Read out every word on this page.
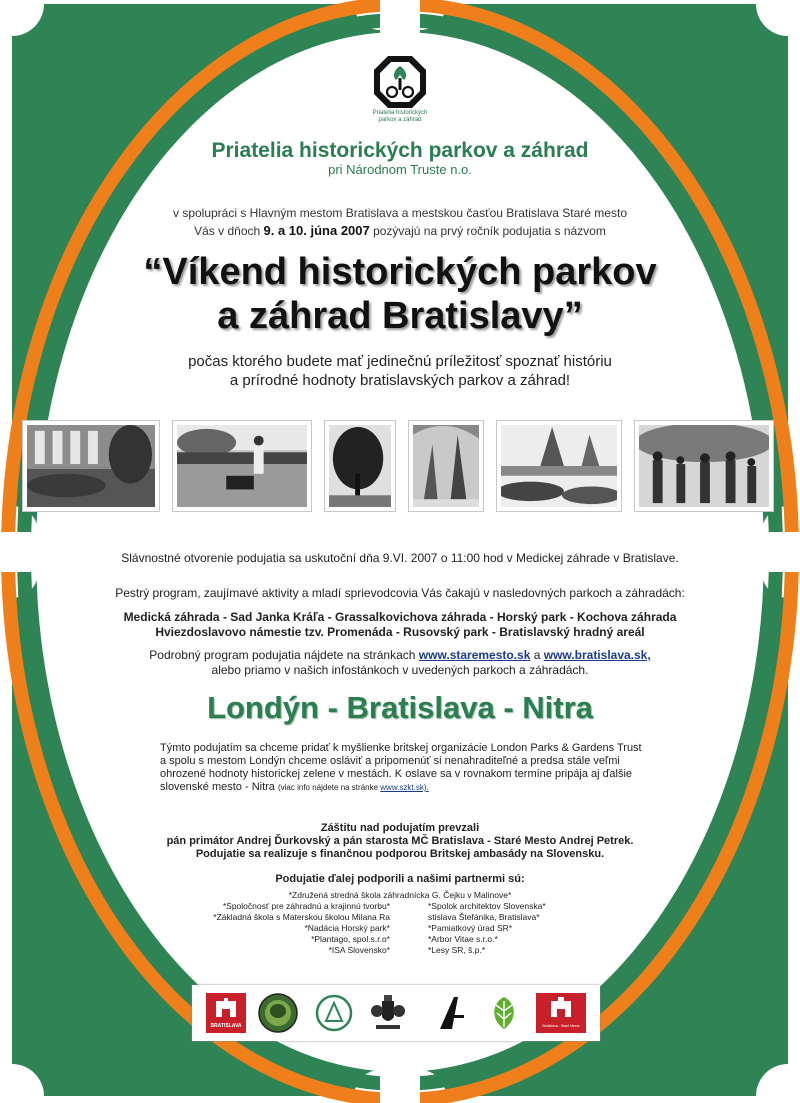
Priatelia historických
parkov a záhrad
Priatelia historických parkov a záhrad
pri Národnom Truste n.o.
v spolupráci s Hlavným mestom Bratislava a mestskou časťou Bratislava Staré mesto
Vás v dňoch 9. a 10. júna 2007 pozývajú na prvý ročník podujatia s názvom
“Víkend historických parkov
a záhrad Bratislavy”
počas ktorého budete mať jedinečnú príležitosť spoznať históriu
a prírodné hodnoty bratislavských parkov a záhrad!
Slávnostné otvorenie podujatia sa uskutoční dňa 9.VI. 2007 o 11:00 hod v Medickej záhrade v Bratislave.
Pestrý program, zaujímavé aktivity a mladí sprievodcovia Vás čakajú v nasledovných parkoch a záhradách:
Medická záhrada - Sad Janka Kráľa - Grassalkovichova záhrada - Horský park - Kochova záhrada
Hviezdoslavovo námestie tzv. Promenáda - Rusovský park - Bratislavský hradný areál
Podrobný program podujatia nájdete na stránkach www.staremesto.sk a www.bratislava.sk,
alebo priamo v našich infostánkoch v uvedených parkoch a záhradách.
Londýn - Bratislava - Nitra
Týmto podujatím sa chceme pridať k myšlienke britskej organizácie London Parks & Gardens Trust
a spolu s mestom Londýn chceme osláviť a pripomenúť si nenahraditeľné a predsa stále veľmi
ohrozené hodnoty historickej zelene v mestách. K oslave sa v rovnakom termíne pripája aj ďalšie
slovenské mesto - Nitra (viac info nájdete na stránke www.szkt.sk).
Záštitu nad podujatím prevzali
pán primátor Andrej Ďurkovský a pán starosta MČ Bratislava - Staré Mesto Andrej Petrek.
Podujatie sa realizuje s finančnou podporou Britskej ambasády na Slovensku.
Podujatie ďalej podporili a našimi partnermi sú:
*Združená stredná škola záhradnícka G. Čejku v Malinove*
*Spoločnosť pre záhradnú a krajinnú tvorbu*
*Základná škola s Materskou školou Milana Ra
*Nadácia Horský park*
*Plantago, spol.s.r.o*
*ISA Slovensko*
*Spolok architektov Slovenska*
stislava Štefánika, Bratislava*
*Pamiatkový úrad SR*
*Arbor Vitae s.r.o.*
*Lesy SR, š.p.*
BRATISLAVA	Bratislava - Staré Mesto
